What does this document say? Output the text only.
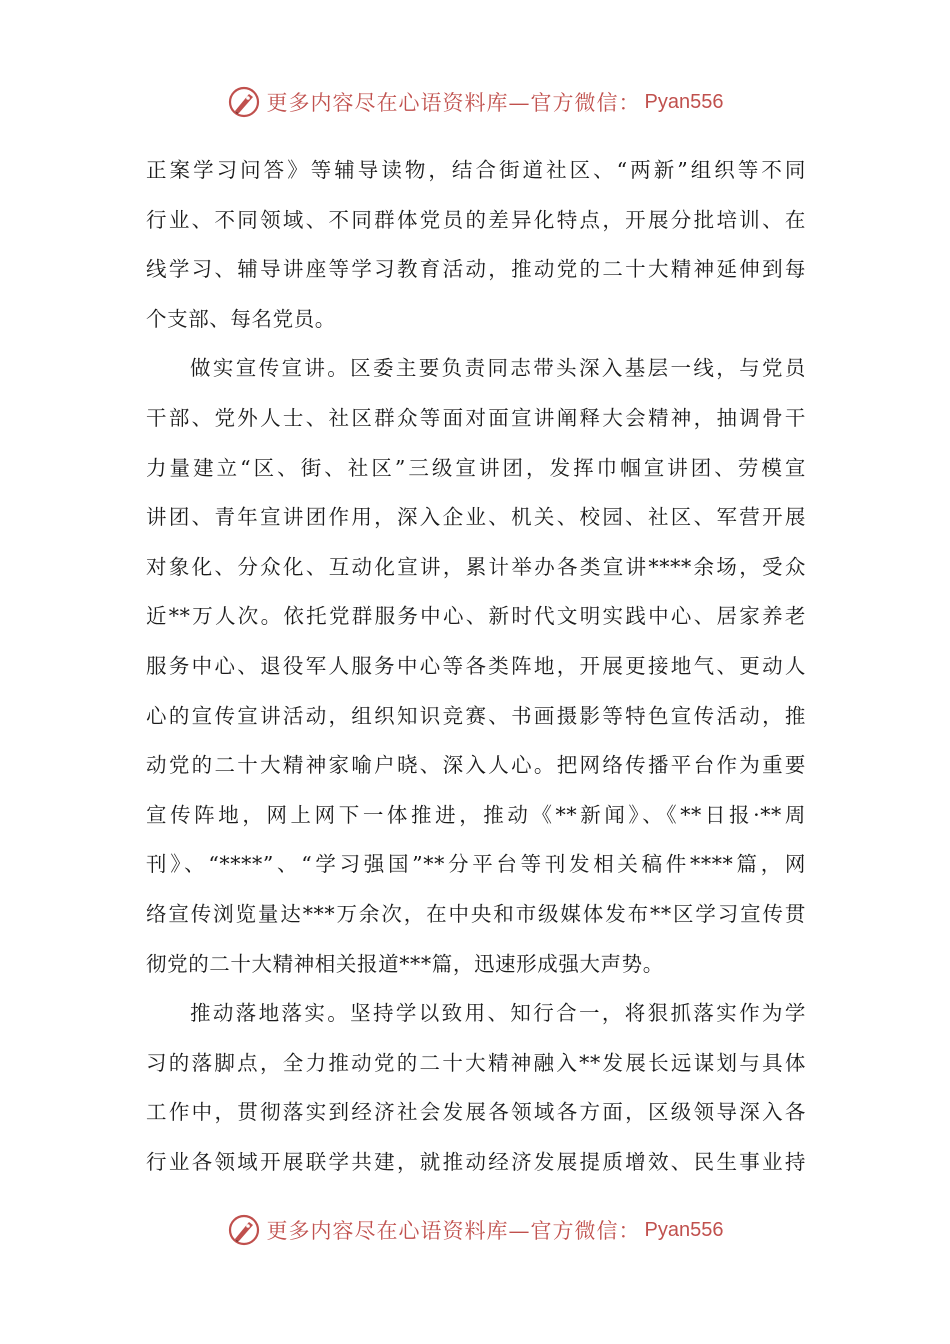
更多内容尽在心语资料库—官方微信： Pyan556
正案学习问答》等辅导读物，结合街道社区、“两新”组织等不同
行业、不同领域、不同群体党员的差异化特点，开展分批培训、在
线学习、辅导讲座等学习教育活动，推动党的二十大精神延伸到每
个支部、每名党员。
做实宣传宣讲。区委主要负责同志带头深入基层一线，与党员
干部、党外人士、社区群众等面对面宣讲阐释大会精神，抽调骨干
力量建立“区、街、社区”三级宣讲团，发挥巾帼宣讲团、劳模宣
讲团、青年宣讲团作用，深入企业、机关、校园、社区、军营开展
对象化、分众化、互动化宣讲，累计举办各类宣讲****余场，受众
近**万人次。依托党群服务中心、新时代文明实践中心、居家养老
服务中心、退役军人服务中心等各类阵地，开展更接地气、更动人
心的宣传宣讲活动，组织知识竞赛、书画摄影等特色宣传活动，推
动党的二十大精神家喻户晓、深入人心。把网络传播平台作为重要
宣传阵地，网上网下一体推进，推动《**新闻》、《**日报·**周
刊》、“****”、“学习强国”**分平台等刊发相关稿件****篇，网
络宣传浏览量达***万余次，在中央和市级媒体发布**区学习宣传贯
彻党的二十大精神相关报道***篇，迅速形成强大声势。
推动落地落实。坚持学以致用、知行合一，将狠抓落实作为学
习的落脚点，全力推动党的二十大精神融入**发展长远谋划与具体
工作中，贯彻落实到经济社会发展各领域各方面，区级领导深入各
行业各领域开展联学共建，就推动经济发展提质增效、民生事业持
更多内容尽在心语资料库—官方微信： Pyan556
